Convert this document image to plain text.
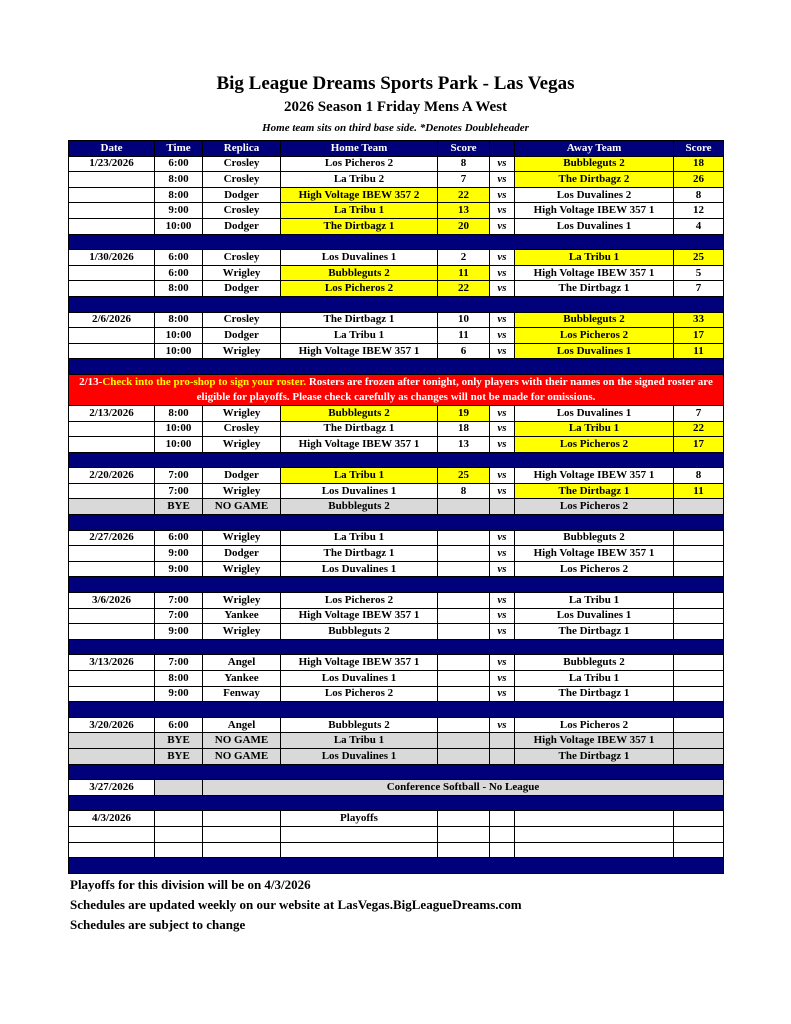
Big League Dreams Sports Park - Las Vegas
2026 Season 1 Friday Mens A West
Home team sits on third base side. *Denotes Doubleheader
Date	Time	Replica	Home Team	Score		Away Team	Score
1/23/2026	6:00	Crosley	Los Picheros 2	8	vs	Bubbleguts 2	18
	8:00	Crosley	La Tribu 2	7	vs	The Dirtbagz 2	26
	8:00	Dodger	High Voltage IBEW 357 2	22	vs	Los Duvalines 2	8
	9:00	Crosley	La Tribu 1	13	vs	High Voltage IBEW 357 1	12
	10:00	Dodger	The Dirtbagz 1	20	vs	Los Duvalines 1	4

1/30/2026	6:00	Crosley	Los Duvalines 1	2	vs	La Tribu 1	25
	6:00	Wrigley	Bubbleguts 2	11	vs	High Voltage IBEW 357 1	5
	8:00	Dodger	Los Picheros 2	22	vs	The Dirtbagz 1	7

2/6/2026	8:00	Crosley	The Dirtbagz 1	10	vs	Bubbleguts 2	33
	10:00	Dodger	La Tribu 1	11	vs	Los Picheros 2	17
	10:00	Wrigley	High Voltage IBEW 357 1	6	vs	Los Duvalines 1	11

2/13-Check into the pro-shop to sign your roster. Rosters are frozen after tonight, only players with their names on the signed roster are eligible for playoffs. Please check carefully as changes will not be made for omissions.							
2/13/2026	8:00	Wrigley	Bubbleguts 2	19	vs	Los Duvalines 1	7
	10:00	Crosley	The Dirtbagz 1	18	vs	La Tribu 1	22
	10:00	Wrigley	High Voltage IBEW 357 1	13	vs	Los Picheros 2	17

2/20/2026	7:00	Dodger	La Tribu 1	25	vs	High Voltage IBEW 357 1	8
	7:00	Wrigley	Los Duvalines 1	8	vs	The Dirtbagz 1	11
	BYE	NO GAME	Bubbleguts 2			Los Picheros 2	

2/27/2026	6:00	Wrigley	La Tribu 1		vs	Bubbleguts 2	
	9:00	Dodger	The Dirtbagz 1		vs	High Voltage IBEW 357 1	
	9:00	Wrigley	Los Duvalines 1		vs	Los Picheros 2	

3/6/2026	7:00	Wrigley	Los Picheros 2		vs	La Tribu 1	
	7:00	Yankee	High Voltage IBEW 357 1		vs	Los Duvalines 1	
	9:00	Wrigley	Bubbleguts 2		vs	The Dirtbagz 1	

3/13/2026	7:00	Angel	High Voltage IBEW 357 1		vs	Bubbleguts 2	
	8:00	Yankee	Los Duvalines 1		vs	La Tribu 1	
	9:00	Fenway	Los Picheros 2		vs	The Dirtbagz 1	

3/20/2026	6:00	Angel	Bubbleguts 2		vs	Los Picheros 2	
	BYE	NO GAME	La Tribu 1			High Voltage IBEW 357 1	
	BYE	NO GAME	Los Duvalines 1			The Dirtbagz 1	

3/27/2026		Conference Softball - No League					

4/3/2026			Playoffs				

Playoffs for this division will be on 4/3/2026
Schedules are updated weekly on our website at LasVegas.BigLeagueDreams.com
Schedules are subject to change
